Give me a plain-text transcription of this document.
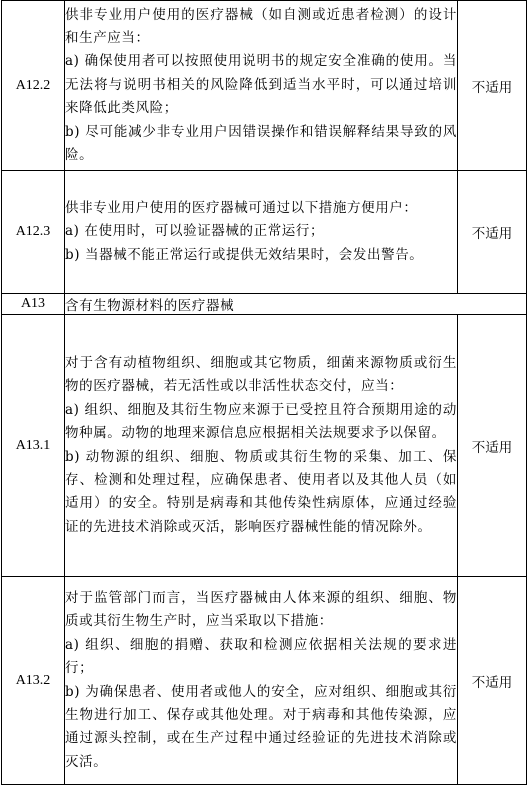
A12.2	供非专业用户使用的医疗器械（如自测或近患者检测）的设计和生产应当：

a) 确保使用者可以按照使用说明书的规定安全准确的使用。当无法将与说明书相关的风险降低到适当水平时，可以通过培训来降低此类风险；

b) 尽可能减少非专业用户因错误操作和错误解释结果导致的风险。	不适用
A12.3	供非专业用户使用的医疗器械可通过以下措施方便用户：

a) 在使用时，可以验证器械的正常运行；

b) 当器械不能正常运行或提供无效结果时，会发出警告。	不适用
A13	含有生物源材料的医疗器械	
A13.1	对于含有动植物组织、细胞或其它物质，细菌来源物质或衍生物的医疗器械，若无活性或以非活性状态交付，应当：

a) 组织、细胞及其衍生物应来源于已受控且符合预期用途的动物种属。动物的地理来源信息应根据相关法规要求予以保留。

b) 动物源的组织、细胞、物质或其衍生物的采集、加工、保存、检测和处理过程，应确保患者、使用者以及其他人员（如适用）的安全。特别是病毒和其他传染性病原体，应通过经验证的先进技术消除或灭活，影响医疗器械性能的情况除外。	不适用
A13.2	对于监管部门而言，当医疗器械由人体来源的组织、细胞、物质或其衍生物生产时，应当采取以下措施：

a) 组织、细胞的捐赠、获取和检测应依据相关法规的要求进行；

b) 为确保患者、使用者或他人的安全，应对组织、细胞或其衍生物进行加工、保存或其他处理。对于病毒和其他传染源，应通过源头控制，或在生产过程中通过经验证的先进技术消除或灭活。	不适用
